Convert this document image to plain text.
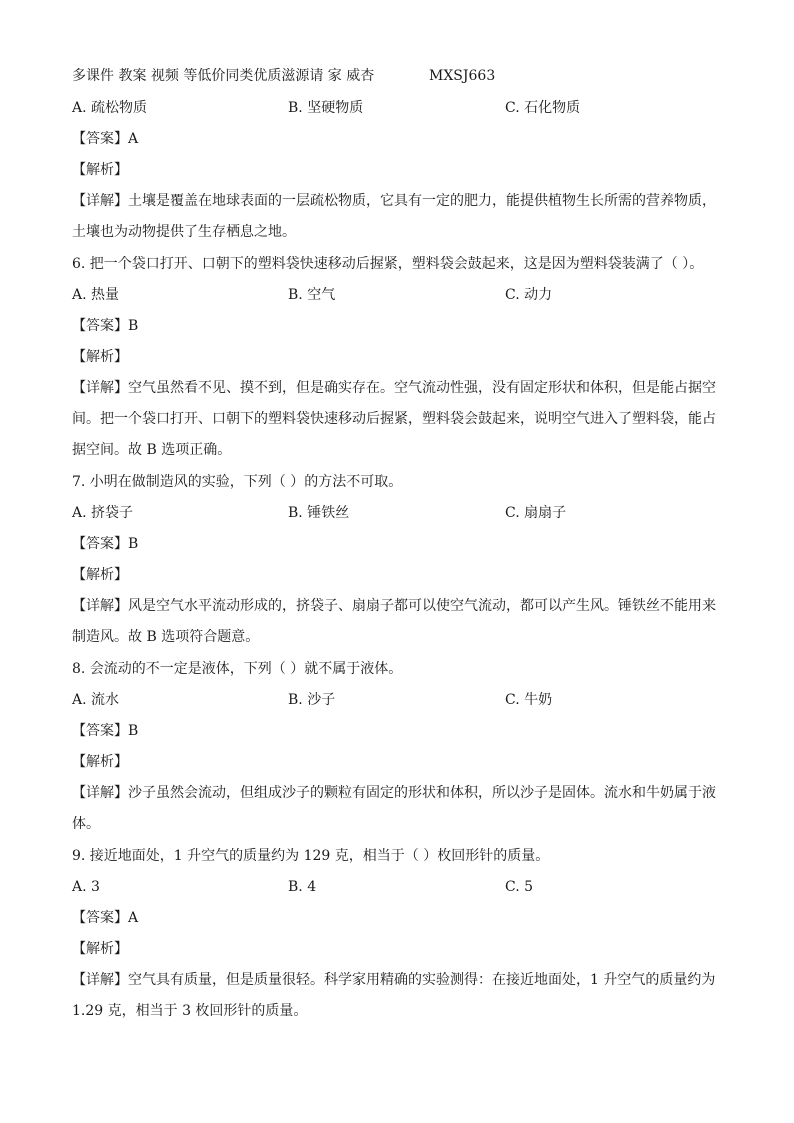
多课件 教案 视频 等低价同类优质滋源请 家 威杏	MXSJ663
A. 疏松物质	B. 坚硬物质	C. 石化物质
【答案】A
【解析】
【详解】土壤是覆盖在地球表面的一层疏松物质，它具有一定的肥力，能提供植物生长所需的营养物质，
土壤也为动物提供了生存栖息之地。
6. 把一个袋口打开、口朝下的塑料袋快速移动后握紧，塑料袋会鼓起来，这是因为塑料袋装满了（ ）。
A. 热量	B. 空气	C. 动力
【答案】B
【解析】
【详解】空气虽然看不见、摸不到，但是确实存在。空气流动性强，没有固定形状和体积，但是能占据空
间。把一个袋口打开、口朝下的塑料袋快速移动后握紧，塑料袋会鼓起来，说明空气进入了塑料袋，能占
据空间。故 B 选项正确。
7. 小明在做制造风的实验，下列（ ）的方法不可取。
A. 挤袋子	B. 锤铁丝	C. 扇扇子
【答案】B
【解析】
【详解】风是空气水平流动形成的，挤袋子、扇扇子都可以使空气流动，都可以产生风。锤铁丝不能用来
制造风。故 B 选项符合题意。
8. 会流动的不一定是液体，下列（ ）就不属于液体。
A. 流水	B. 沙子	C. 牛奶
【答案】B
【解析】
【详解】沙子虽然会流动，但组成沙子的颗粒有固定的形状和体积，所以沙子是固体。流水和牛奶属于液
体。
9. 接近地面处，1 升空气的质量约为 129 克，相当于（ ）枚回形针的质量。
A. 3	B. 4	C. 5
【答案】A
【解析】
【详解】空气具有质量，但是质量很轻。科学家用精确的实验测得：在接近地面处，1 升空气的质量约为
1.29 克，相当于 3 枚回形针的质量。
